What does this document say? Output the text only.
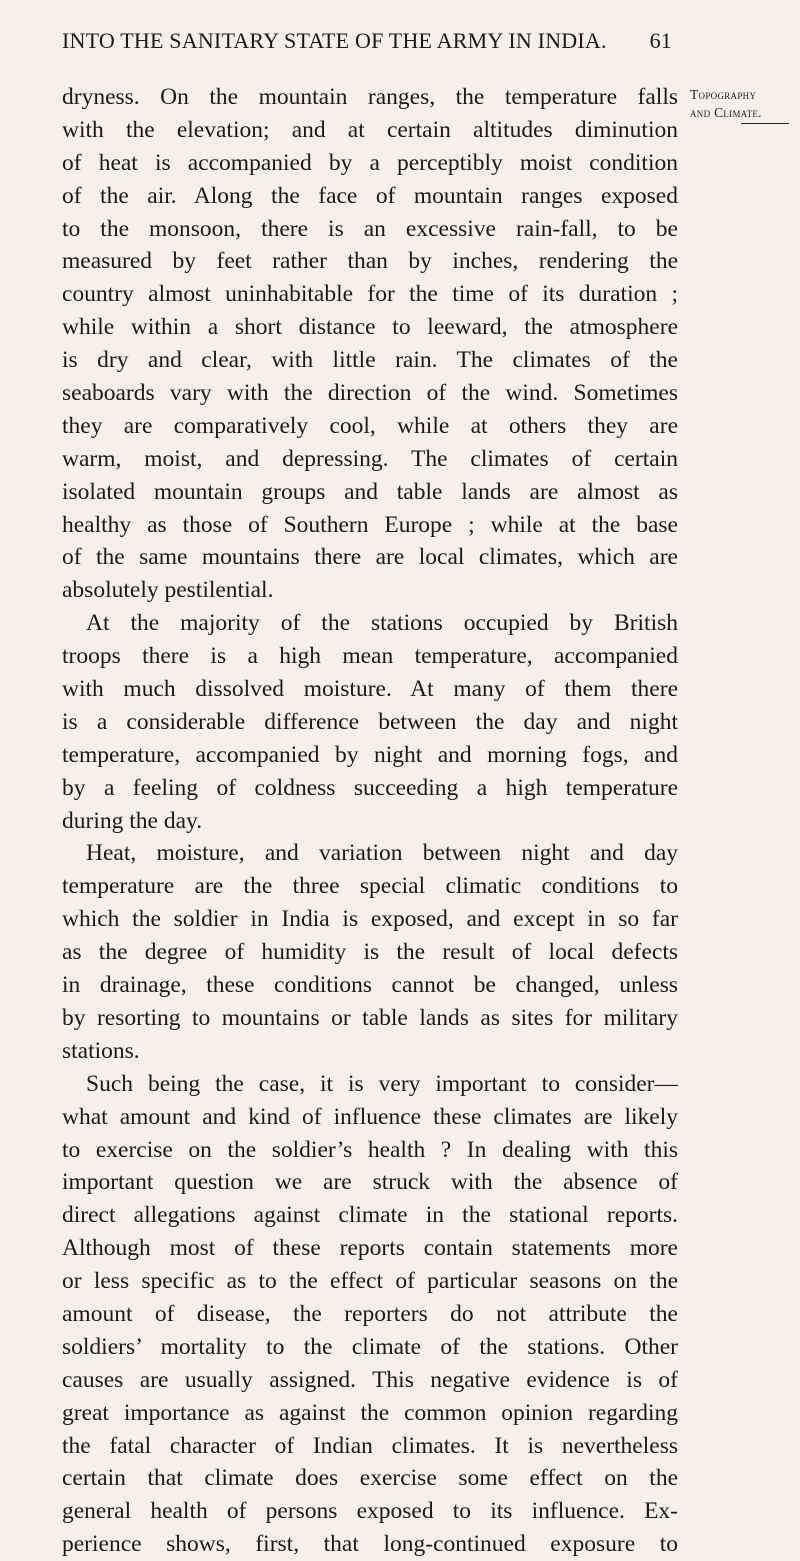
INTO THE SANITARY STATE OF THE ARMY IN INDIA. 61
Topography
and Climate.
dryness. On the mountain ranges, the temperature falls
with the elevation; and at certain altitudes diminution
of heat is accompanied by a perceptibly moist condition
of the air. Along the face of mountain ranges exposed
to the monsoon, there is an excessive rain-fall, to be
measured by feet rather than by inches, rendering the
country almost uninhabitable for the time of its duration ;
while within a short distance to leeward, the atmosphere
is dry and clear, with little rain. The climates of the
seaboards vary with the direction of the wind. Sometimes
they are comparatively cool, while at others they are
warm, moist, and depressing. The climates of certain
isolated mountain groups and table lands are almost as
healthy as those of Southern Europe ; while at the base
of the same mountains there are local climates, which are
absolutely pestilential.
At the majority of the stations occupied by British
troops there is a high mean temperature, accompanied
with much dissolved moisture. At many of them there
is a considerable difference between the day and night
temperature, accompanied by night and morning fogs, and
by a feeling of coldness succeeding a high temperature
during the day.
Heat, moisture, and variation between night and day
temperature are the three special climatic conditions to
which the soldier in India is exposed, and except in so far
as the degree of humidity is the result of local defects
in drainage, these conditions cannot be changed, unless
by resorting to mountains or table lands as sites for military
stations.
Such being the case, it is very important to consider—
what amount and kind of influence these climates are likely
to exercise on the soldier’s health ? In dealing with this
important question we are struck with the absence of
direct allegations against climate in the stational reports.
Although most of these reports contain statements more
or less specific as to the effect of particular seasons on the
amount of disease, the reporters do not attribute the
soldiers’ mortality to the climate of the stations. Other
causes are usually assigned. This negative evidence is of
great importance as against the common opinion regarding
the fatal character of Indian climates. It is nevertheless
certain that climate does exercise some effect on the
general health of persons exposed to its influence. Ex-
perience shows, first, that long-continued exposure to
